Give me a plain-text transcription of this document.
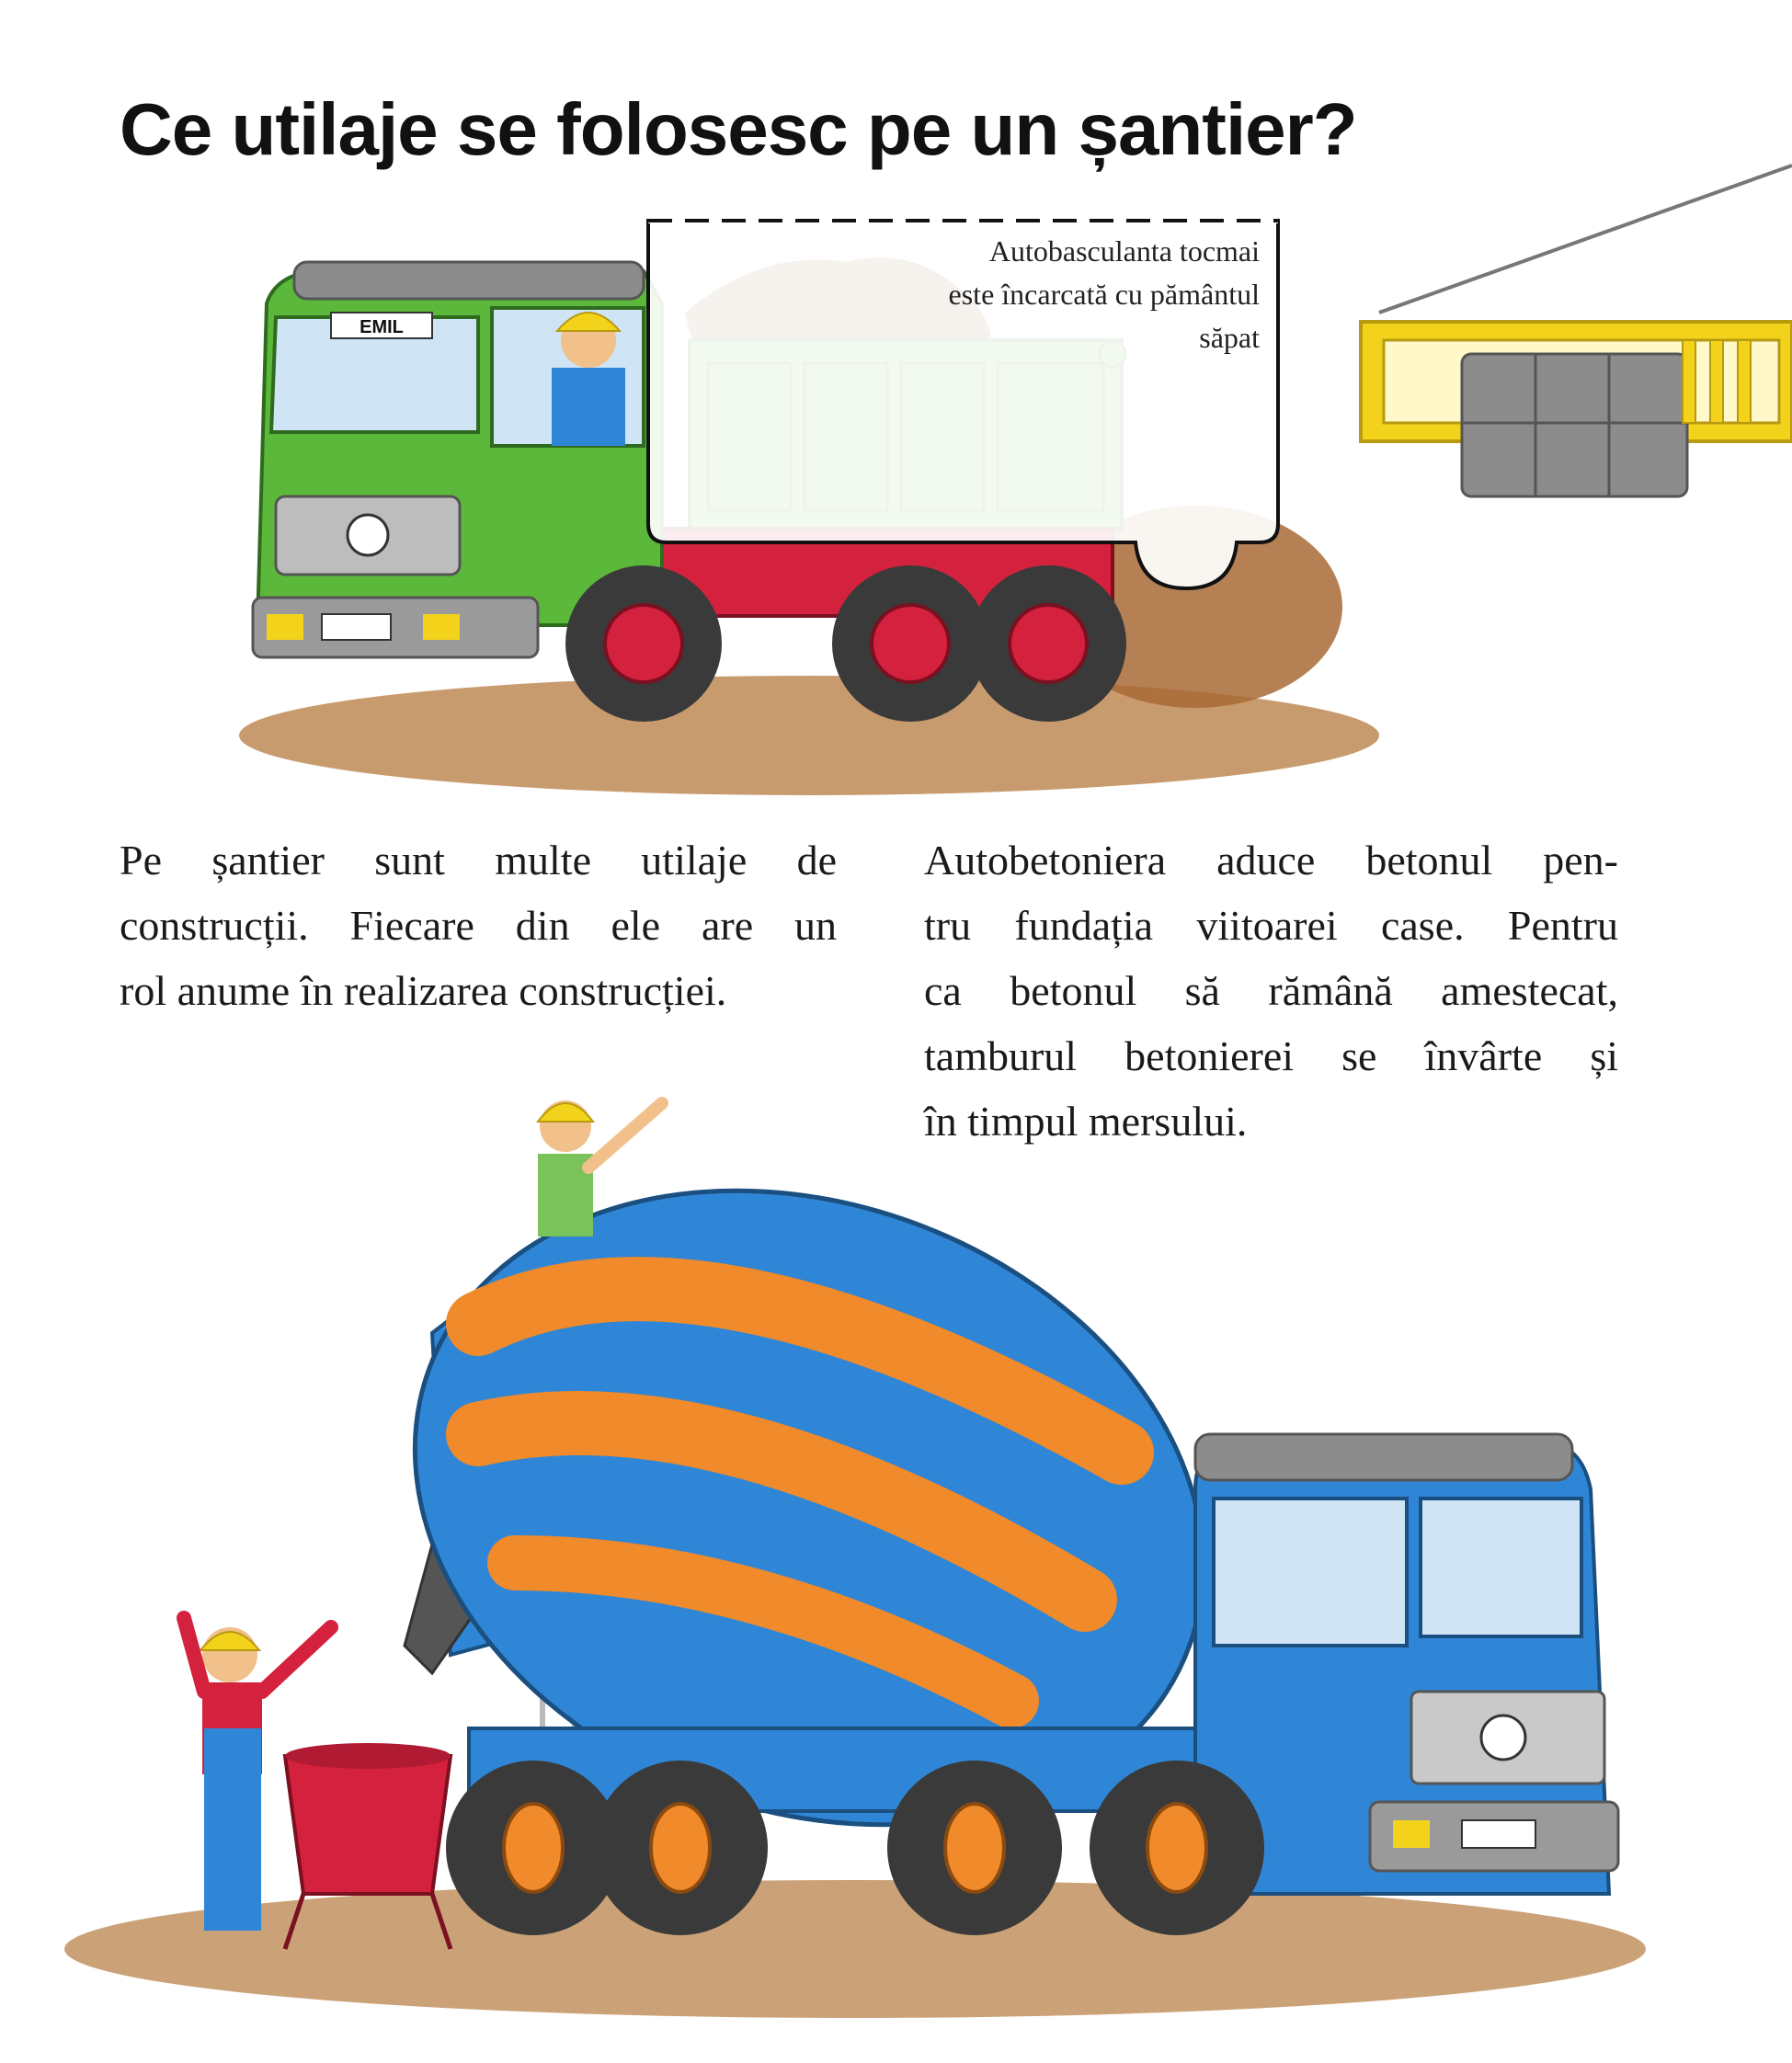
Ce utilaje se folosesc pe un șantier?
EMIL
Autobasculanta tocmai
este încarcată cu pământul
săpat
Pe șantier sunt multe utilaje de
construcții. Fiecare din ele are un
rol anume în realizarea construcției.
Autobetoniera aduce betonul pen-
tru fundația viitoarei case. Pentru
ca betonul să rămână amestecat,
tamburul betonierei se învârte și
în timpul mersului.
